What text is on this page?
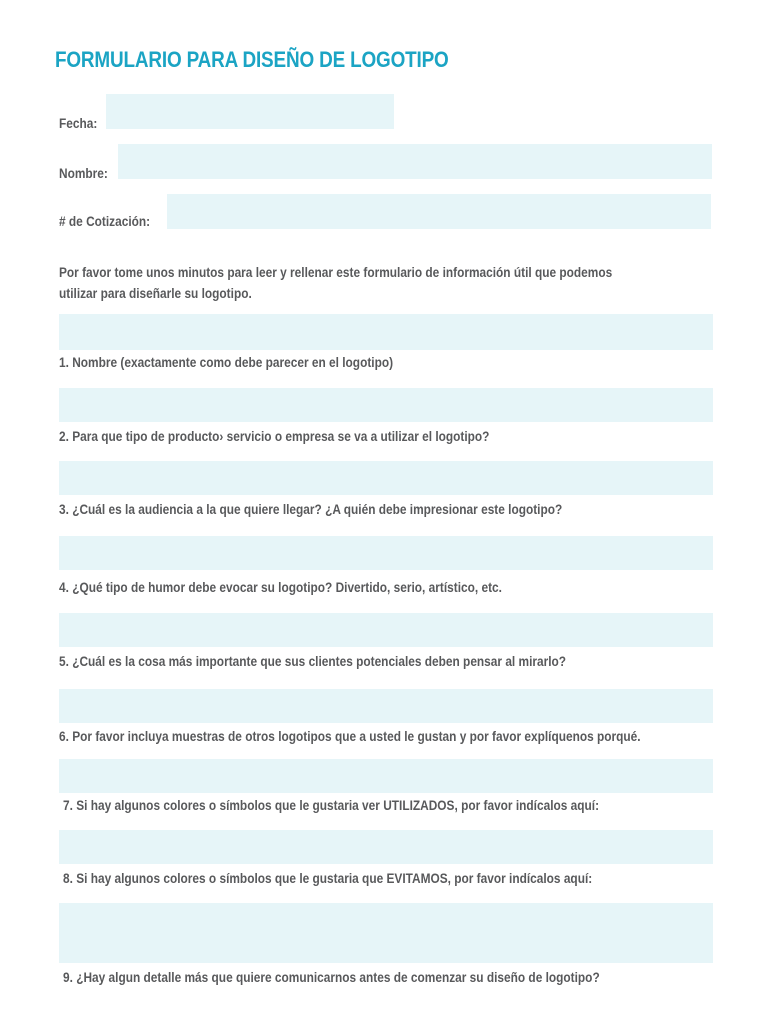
FORMULARIO PARA DISEÑO DE LOGOTIPO
Fecha:
Nombre:
# de Cotización:
Por favor tome unos minutos para leer y rellenar este formulario de información útil que podemos
utilizar para diseñarle su logotipo.
1. Nombre (exactamente como debe parecer en el logotipo)
2. Para que tipo de producto› servicio o empresa se va a utilizar el logotipo?
3. ¿Cuál es la audiencia a la que quiere llegar? ¿A quién debe impresionar este logotipo?
4. ¿Qué tipo de humor debe evocar su logotipo? Divertido, serio, artístico, etc.
5. ¿Cuál es la cosa más importante que sus clientes potenciales deben pensar al mirarlo?
6. Por favor incluya muestras de otros logotipos que a usted le gustan y por favor explíquenos porqué.
7. Si hay algunos colores o símbolos que le gustaria ver UTILIZADOS, por favor indícalos aquí:
8. Si hay algunos colores o símbolos que le gustaria que EVITAMOS, por favor indícalos aquí:
9. ¿Hay algun detalle más que quiere comunicarnos antes de comenzar su diseño de logotipo?
